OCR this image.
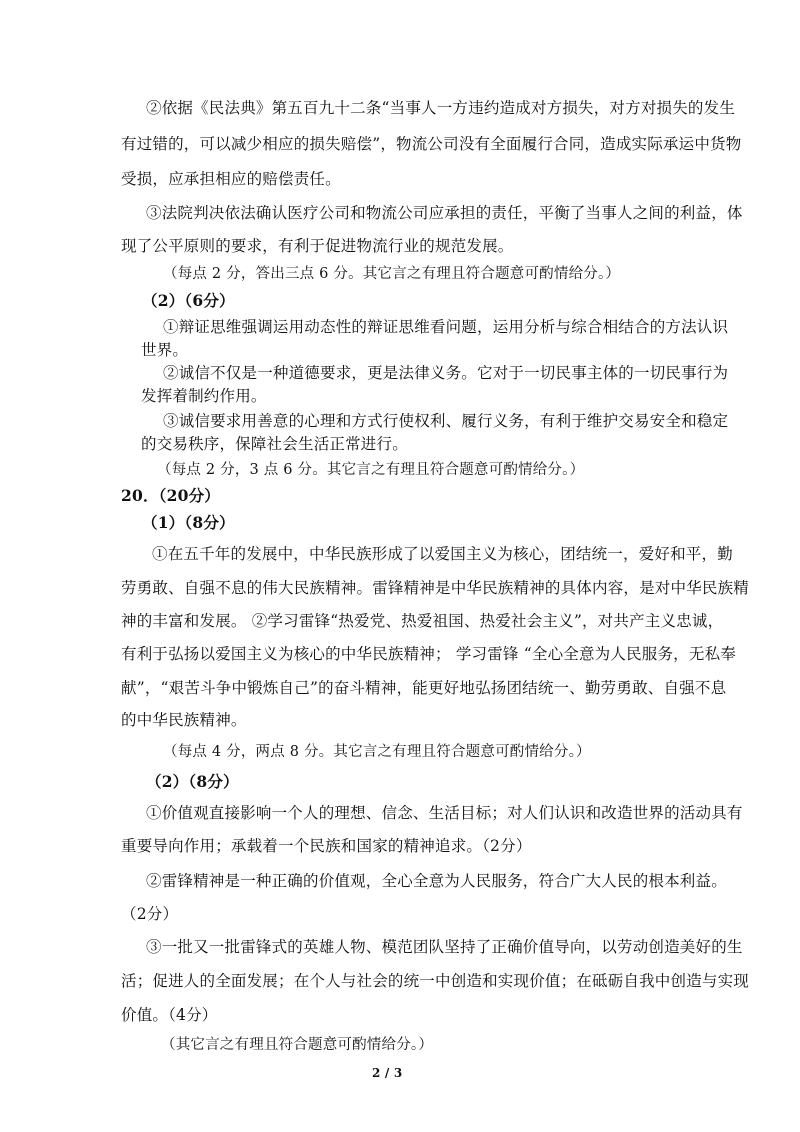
②依据《民法典》第五百九十二条“当事人一方违约造成对方损失，对方对损失的发生

有过错的，可以减少相应的损失赔偿”，物流公司没有全面履行合同，造成实际承运中货物

受损，应承担相应的赔偿责任。

③法院判决依法确认医疗公司和物流公司应承担的责任，平衡了当事人之间的利益，体

现了公平原则的要求，有利于促进物流行业的规范发展。

（每点 2 分，答出三点 6 分。其它言之有理且符合题意可酌情给分。）

（2）（6分）

①辩证思维强调运用动态性的辩证思维看问题，运用分析与综合相结合的方法认识

世界。

②诚信不仅是一种道德要求，更是法律义务。它对于一切民事主体的一切民事行为

发挥着制约作用。

③诚信要求用善意的心理和方式行使权利、履行义务，有利于维护交易安全和稳定

的交易秩序，保障社会生活正常进行。

（每点 2 分，3 点 6 分。其它言之有理且符合题意可酌情给分。）

20．（20分）

（1）（8分）

①在五千年的发展中，中华民族形成了以爱国主义为核心，团结统一，爱好和平，勤

劳勇敢、自强不息的伟大民族精神。雷锋精神是中华民族精神的具体内容，是对中华民族精

神的丰富和发展。 ②学习雷锋“热爱党、热爱祖国、热爱社会主义”，对共产主义忠诚，

有利于弘扬以爱国主义为核心的中华民族精神； 学习雷锋 “全心全意为人民服务，无私奉

献”，“艰苦斗争中锻炼自己”的奋斗精神，能更好地弘扬团结统一、勤劳勇敢、自强不息

的中华民族精神。

（每点 4 分，两点 8 分。其它言之有理且符合题意可酌情给分。）

（2）（8分）

①价值观直接影响一个人的理想、信念、生活目标；对人们认识和改造世界的活动具有

重要导向作用；承载着一个民族和国家的精神追求。（2分）

②雷锋精神是一种正确的价值观，全心全意为人民服务，符合广大人民的根本利益。

（2分）

③一批又一批雷锋式的英雄人物、模范团队坚持了正确价值导向，以劳动创造美好的生

活；促进人的全面发展；在个人与社会的统一中创造和实现价值；在砥砺自我中创造与实现

价值。（4分）

（其它言之有理且符合题意可酌情给分。）

2 / 3
